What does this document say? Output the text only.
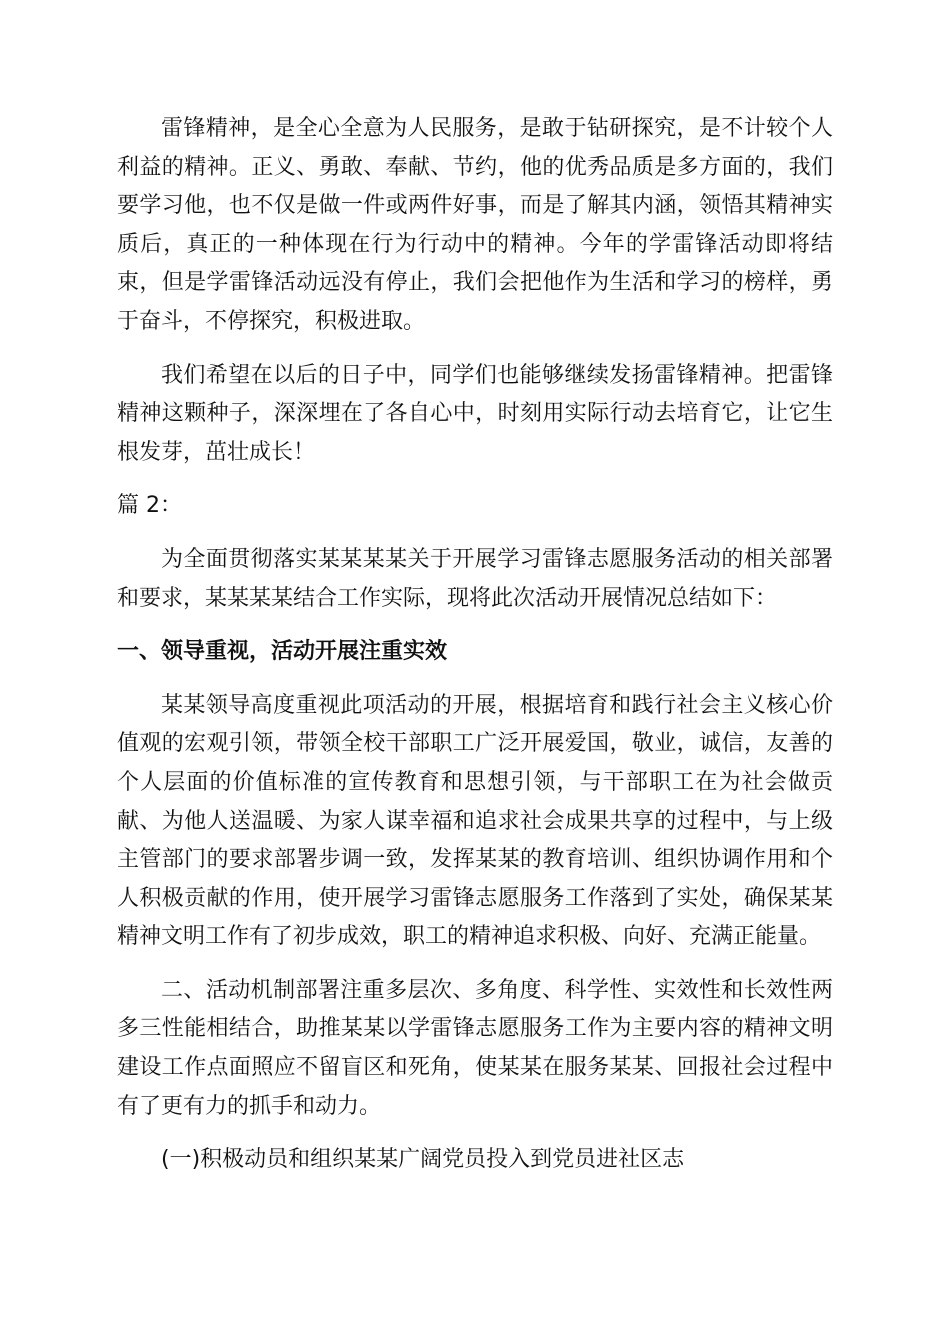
雷锋精神，是全心全意为人民服务，是敢于钻研探究，是不计较个人利益的精神。正义、勇敢、奉献、节约，他的优秀品质是多方面的，我们要学习他，也不仅是做一件或两件好事，而是了解其内涵，领悟其精神实质后，真正的一种体现在行为行动中的精神。今年的学雷锋活动即将结束，但是学雷锋活动远没有停止，我们会把他作为生活和学习的榜样，勇于奋斗，不停探究，积极进取。

我们希望在以后的日子中，同学们也能够继续发扬雷锋精神。把雷锋精神这颗种子，深深埋在了各自心中，时刻用实际行动去培育它，让它生根发芽，茁壮成长！

篇 2：

为全面贯彻落实某某某某关于开展学习雷锋志愿服务活动的相关部署和要求，某某某某结合工作实际，现将此次活动开展情况总结如下：

一、领导重视，活动开展注重实效

某某领导高度重视此项活动的开展，根据培育和践行社会主义核心价值观的宏观引领，带领全校干部职工广泛开展爱国，敬业，诚信，友善的个人层面的价值标准的宣传教育和思想引领，与干部职工在为社会做贡献、为他人送温暖、为家人谋幸福和追求社会成果共享的过程中，与上级主管部门的要求部署步调一致，发挥某某的教育培训、组织协调作用和个人积极贡献的作用，使开展学习雷锋志愿服务工作落到了实处，确保某某精神文明工作有了初步成效，职工的精神追求积极、向好、充满正能量。

二、活动机制部署注重多层次、多角度、科学性、实效性和长效性两多三性能相结合，助推某某以学雷锋志愿服务工作为主要内容的精神文明建设工作点面照应不留盲区和死角，使某某在服务某某、回报社会过程中有了更有力的抓手和动力。

(一)积极动员和组织某某广阔党员投入到党员进社区志
